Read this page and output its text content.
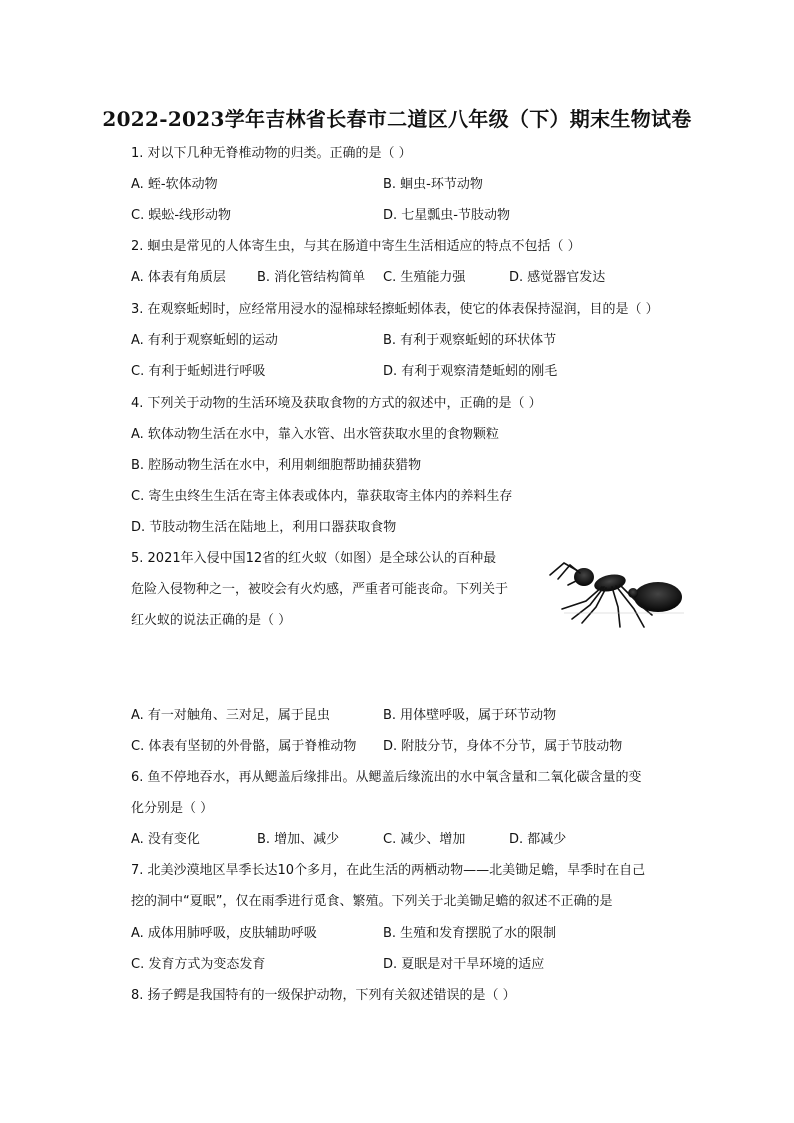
2022-2023学年吉林省长春市二道区八年级（下）期末生物试卷
1. 对以下几种无脊椎动物的归类。正确的是（ ）
A. 蛭-软体动物	B. 蛔虫-环节动物
C. 蜈蚣-线形动物	D. 七星瓢虫-节肢动物
2. 蛔虫是常见的人体寄生虫，与其在肠道中寄生生活相适应的特点不包括（ ）
A. 体表有角质层 B. 消化管结构简单 C. 生殖能力强	D. 感觉器官发达
3. 在观察蚯蚓时，应经常用浸水的湿棉球轻擦蚯蚓体表，使它的体表保持湿润，目的是（ ）
A. 有利于观察蚯蚓的运动	B. 有利于观察蚯蚓的环状体节
C. 有利于蚯蚓进行呼吸	D. 有利于观察清楚蚯蚓的刚毛
4. 下列关于动物的生活环境及获取食物的方式的叙述中，正确的是（ ）
A. 软体动物生活在水中，靠入水管、出水管获取水里的食物颗粒
B. 腔肠动物生活在水中，利用刺细胞帮助捕获猎物
C. 寄生虫终生生活在寄主体表或体内，靠获取寄主体内的养料生存
D. 节肢动物生活在陆地上，利用口器获取食物
5. 2021年入侵中国12省的红火蚁（如图）是全球公认的百种最
危险入侵物种之一，被咬会有火灼感，严重者可能丧命。下列关于
红火蚁的说法正确的是（ ）
A. 有一对触角、三对足，属于昆虫	B. 用体壁呼吸，属于环节动物
C. 体表有坚韧的外骨骼，属于脊椎动物 D. 附肢分节，身体不分节，属于节肢动物
6. 鱼不停地吞水，再从鳃盖后缘排出。从鳃盖后缘流出的水中氧含量和二氧化碳含量的变
化分别是（ ）
A. 没有变化	B. 增加、减少	C. 减少、增加	D. 都减少
7. 北美沙漠地区旱季长达10个多月，在此生活的两栖动物——北美锄足蟾，旱季时在自己
挖的洞中“夏眠”，仅在雨季进行觅食、繁殖。下列关于北美锄足蟾的叙述不正确的是
A. 成体用肺呼吸，皮肤辅助呼吸	B. 生殖和发育摆脱了水的限制
C. 发育方式为变态发育	D. 夏眠是对干旱环境的适应
8. 扬子鳄是我国特有的一级保护动物，下列有关叙述错误的是（ ）
